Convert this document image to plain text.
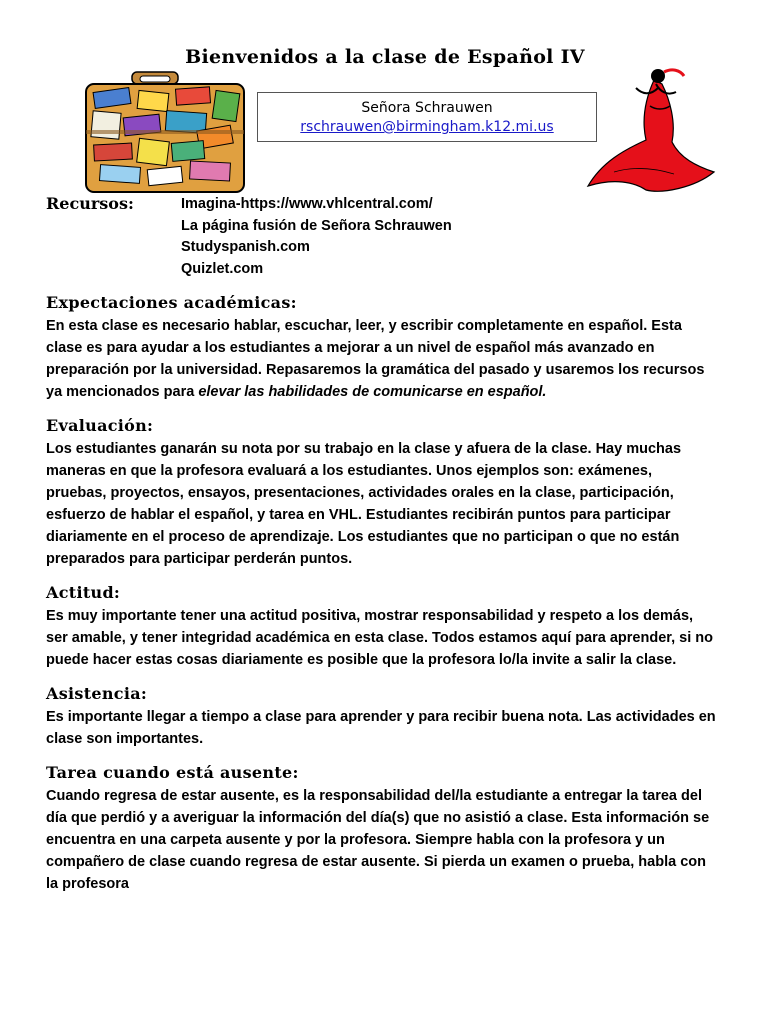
Bienvenidos a la clase de Español IV
Señora Schrauwen
rschrauwen@birmingham.k12.mi.us
Recursos:	Imagina-https://www.vhlcentral.com/
La página fusión de Señora Schrauwen
Studyspanish.com
Quizlet.com
Expectaciones académicas:

En esta clase es necesario hablar, escuchar, leer, y escribir completamente en español. Esta clase es para ayudar a los estudiantes a mejorar a un nivel de español más avanzado en preparación por la universidad. Repasaremos la gramática del pasado y usaremos los recursos ya mencionados para elevar las habilidades de comunicarse en español.

Evaluación:

Los estudiantes ganarán su nota por su trabajo en la clase y afuera de la clase. Hay muchas maneras en que la profesora evaluará a los estudiantes. Unos ejemplos son: exámenes, pruebas, proyectos, ensayos, presentaciones, actividades orales en la clase, participación, esfuerzo de hablar el español, y tarea en VHL. Estudiantes recibirán puntos para participar diariamente en el proceso de aprendizaje. Los estudiantes que no participan o que no están preparados para participar perderán puntos.

Actitud:

Es muy importante tener una actitud positiva, mostrar responsabilidad y respeto a los demás, ser amable, y tener integridad académica en esta clase. Todos estamos aquí para aprender, si no puede hacer estas cosas diariamente es posible que la profesora lo/la invite a salir la clase.

Asistencia:

Es importante llegar a tiempo a clase para aprender y para recibir buena nota. Las actividades en clase son importantes.

Tarea cuando está ausente:

Cuando regresa de estar ausente, es la responsabilidad del/la estudiante a entregar la tarea del día que perdió y a averiguar la información del día(s) que no asistió a clase. Esta información se encuentra en una carpeta ausente y por la profesora. Siempre habla con la profesora y un compañero de clase cuando regresa de estar ausente. Si pierda un examen o prueba, habla con la profesora
